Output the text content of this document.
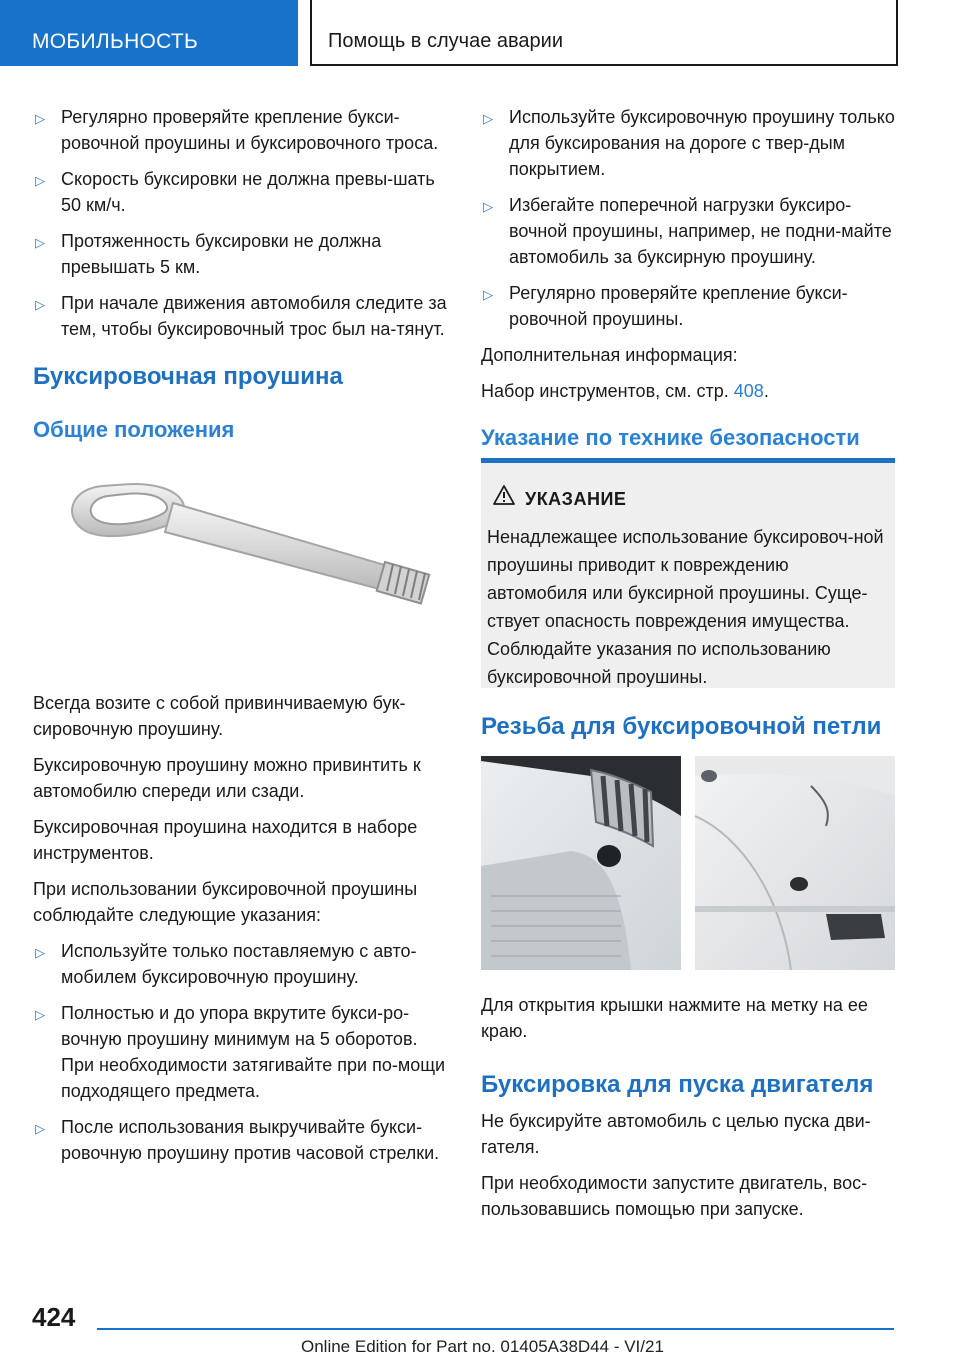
МОБИЛЬНОСТЬ	Помощь в случае аварии
▷ Регулярно проверяйте крепление букси‐ровочной проушины и буксировочного троса.
▷ Скорость буксировки не должна превы‐шать 50 км/ч.
▷ Протяженность буксировки не должна превышать 5 км.
▷ При начале движения автомобиля следите за тем, чтобы буксировочный трос был на‐тянут.
Буксировочная проушина
Общие положения

Всегда возите с собой привинчиваемую бук‐сировочную проушину.

Буксировочную проушину можно привинтить к автомобилю спереди или сзади.

Буксировочная проушина находится в наборе инструментов.

При использовании буксировочной проушины соблюдайте следующие указания:

▷ Используйте только поставляемую с авто‐мобилем буксировочную проушину.
▷ Полностью и до упора вкрутите букси‐ро‐вочную проушину минимум на 5 оборотов. При необходимости затягивайте при по‐мощи подходящего предмета.
▷ После использования выкручивайте букси‐ровочную проушину против часовой стрелки.
▷ Используйте буксировочную проушину только для буксирования на дороге с твер‐дым покрытием.
▷ Избегайте поперечной нагрузки буксиро‐вочной проушины, например, не подни‐майте автомобиль за буксирную проушину.
▷ Регулярно проверяйте крепление букси‐ровочной проушины.

Дополнительная информация:

Набор инструментов, см. стр. 408.

Указание по технике безопасности
УКАЗАНИЕ
Ненадлежащее использование буксировоч‐ной проушины приводит к повреждению автомобиля или буксирной проушины. Суще‐ствует опасность повреждения имущества. Соблюдайте указания по использованию буксировочной проушины.
Резьба для буксировочной петли

Для открытия крышки нажмите на метку на ее краю.

Буксировка для пуска двигателя

Не буксируйте автомобиль с целью пуска дви‐гателя.

При необходимости запустите двигатель, вос‐пользовавшись помощью при запуске.

424
Online Edition for Part no. 01405A38D44 - VI/21
